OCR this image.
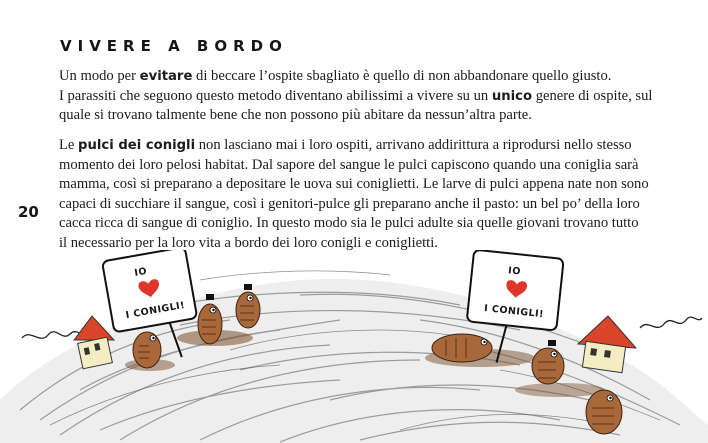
VIVERE A BORDO

Un modo per evitare di beccare l’ospite sbagliato è quello di non abbandonare quello giusto.
I parassiti che seguono questo metodo diventano abilissimi a vivere su un unico genere di ospite, sul
quale si trovano talmente bene che non possono più abitare da nessun’altra parte.

Le pulci dei conigli non lasciano mai i loro ospiti, arrivano addirittura a riprodursi nello stesso
momento dei loro pelosi habitat. Dal sapore del sangue le pulci capiscono quando una coniglia sarà
mamma, così si preparano a depositare le uova sui coniglietti. Le larve di pulci appena nate non sono
capaci di succhiare il sangue, così i genitori-pulce gli preparano anche il pasto: un bel po’ della loro
cacca ricca di sangue di coniglio. In questo modo sia le pulci adulte sia quelle giovani trovano tutto
il necessario per la loro vita a bordo dei loro conigli e coniglietti.

20
IO
I CONIGLI!
IO
I CONIGLI!
